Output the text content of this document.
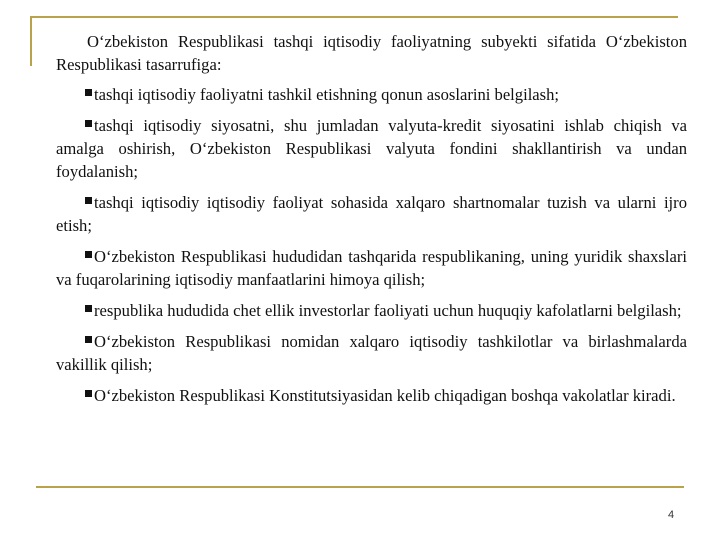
O‘zbekiston Respublikasi tashqi iqtisodiy faoliyatning subyekti sifatida O‘zbekiston Respublikasi tasarrufiga:

tashqi iqtisodiy faoliyatni tashkil etishning qonun asoslarini belgilash;

tashqi iqtisodiy siyosatni, shu jumladan valyuta-kredit siyosatini ishlab chiqish va amalga oshirish, O‘zbekiston Respublikasi valyuta fondini shakllantirish va undan foydalanish;

tashqi iqtisodiy iqtisodiy faoliyat sohasida xalqaro shartnomalar tuzish va ularni ijro etish;

O‘zbekiston Respublikasi hududidan tashqarida respublikaning, uning yuridik shaxslari va fuqarolarining iqtisodiy manfaatlarini himoya qilish;

respublika hududida chet ellik investorlar faoliyati uchun huquqiy kafolatlarni belgilash;

O‘zbekiston Respublikasi nomidan xalqaro iqtisodiy tashkilotlar va birlashmalarda vakillik qilish;

O‘zbekiston Respublikasi Konstitutsiyasidan kelib chiqadigan boshqa vakolatlar kiradi.

4
